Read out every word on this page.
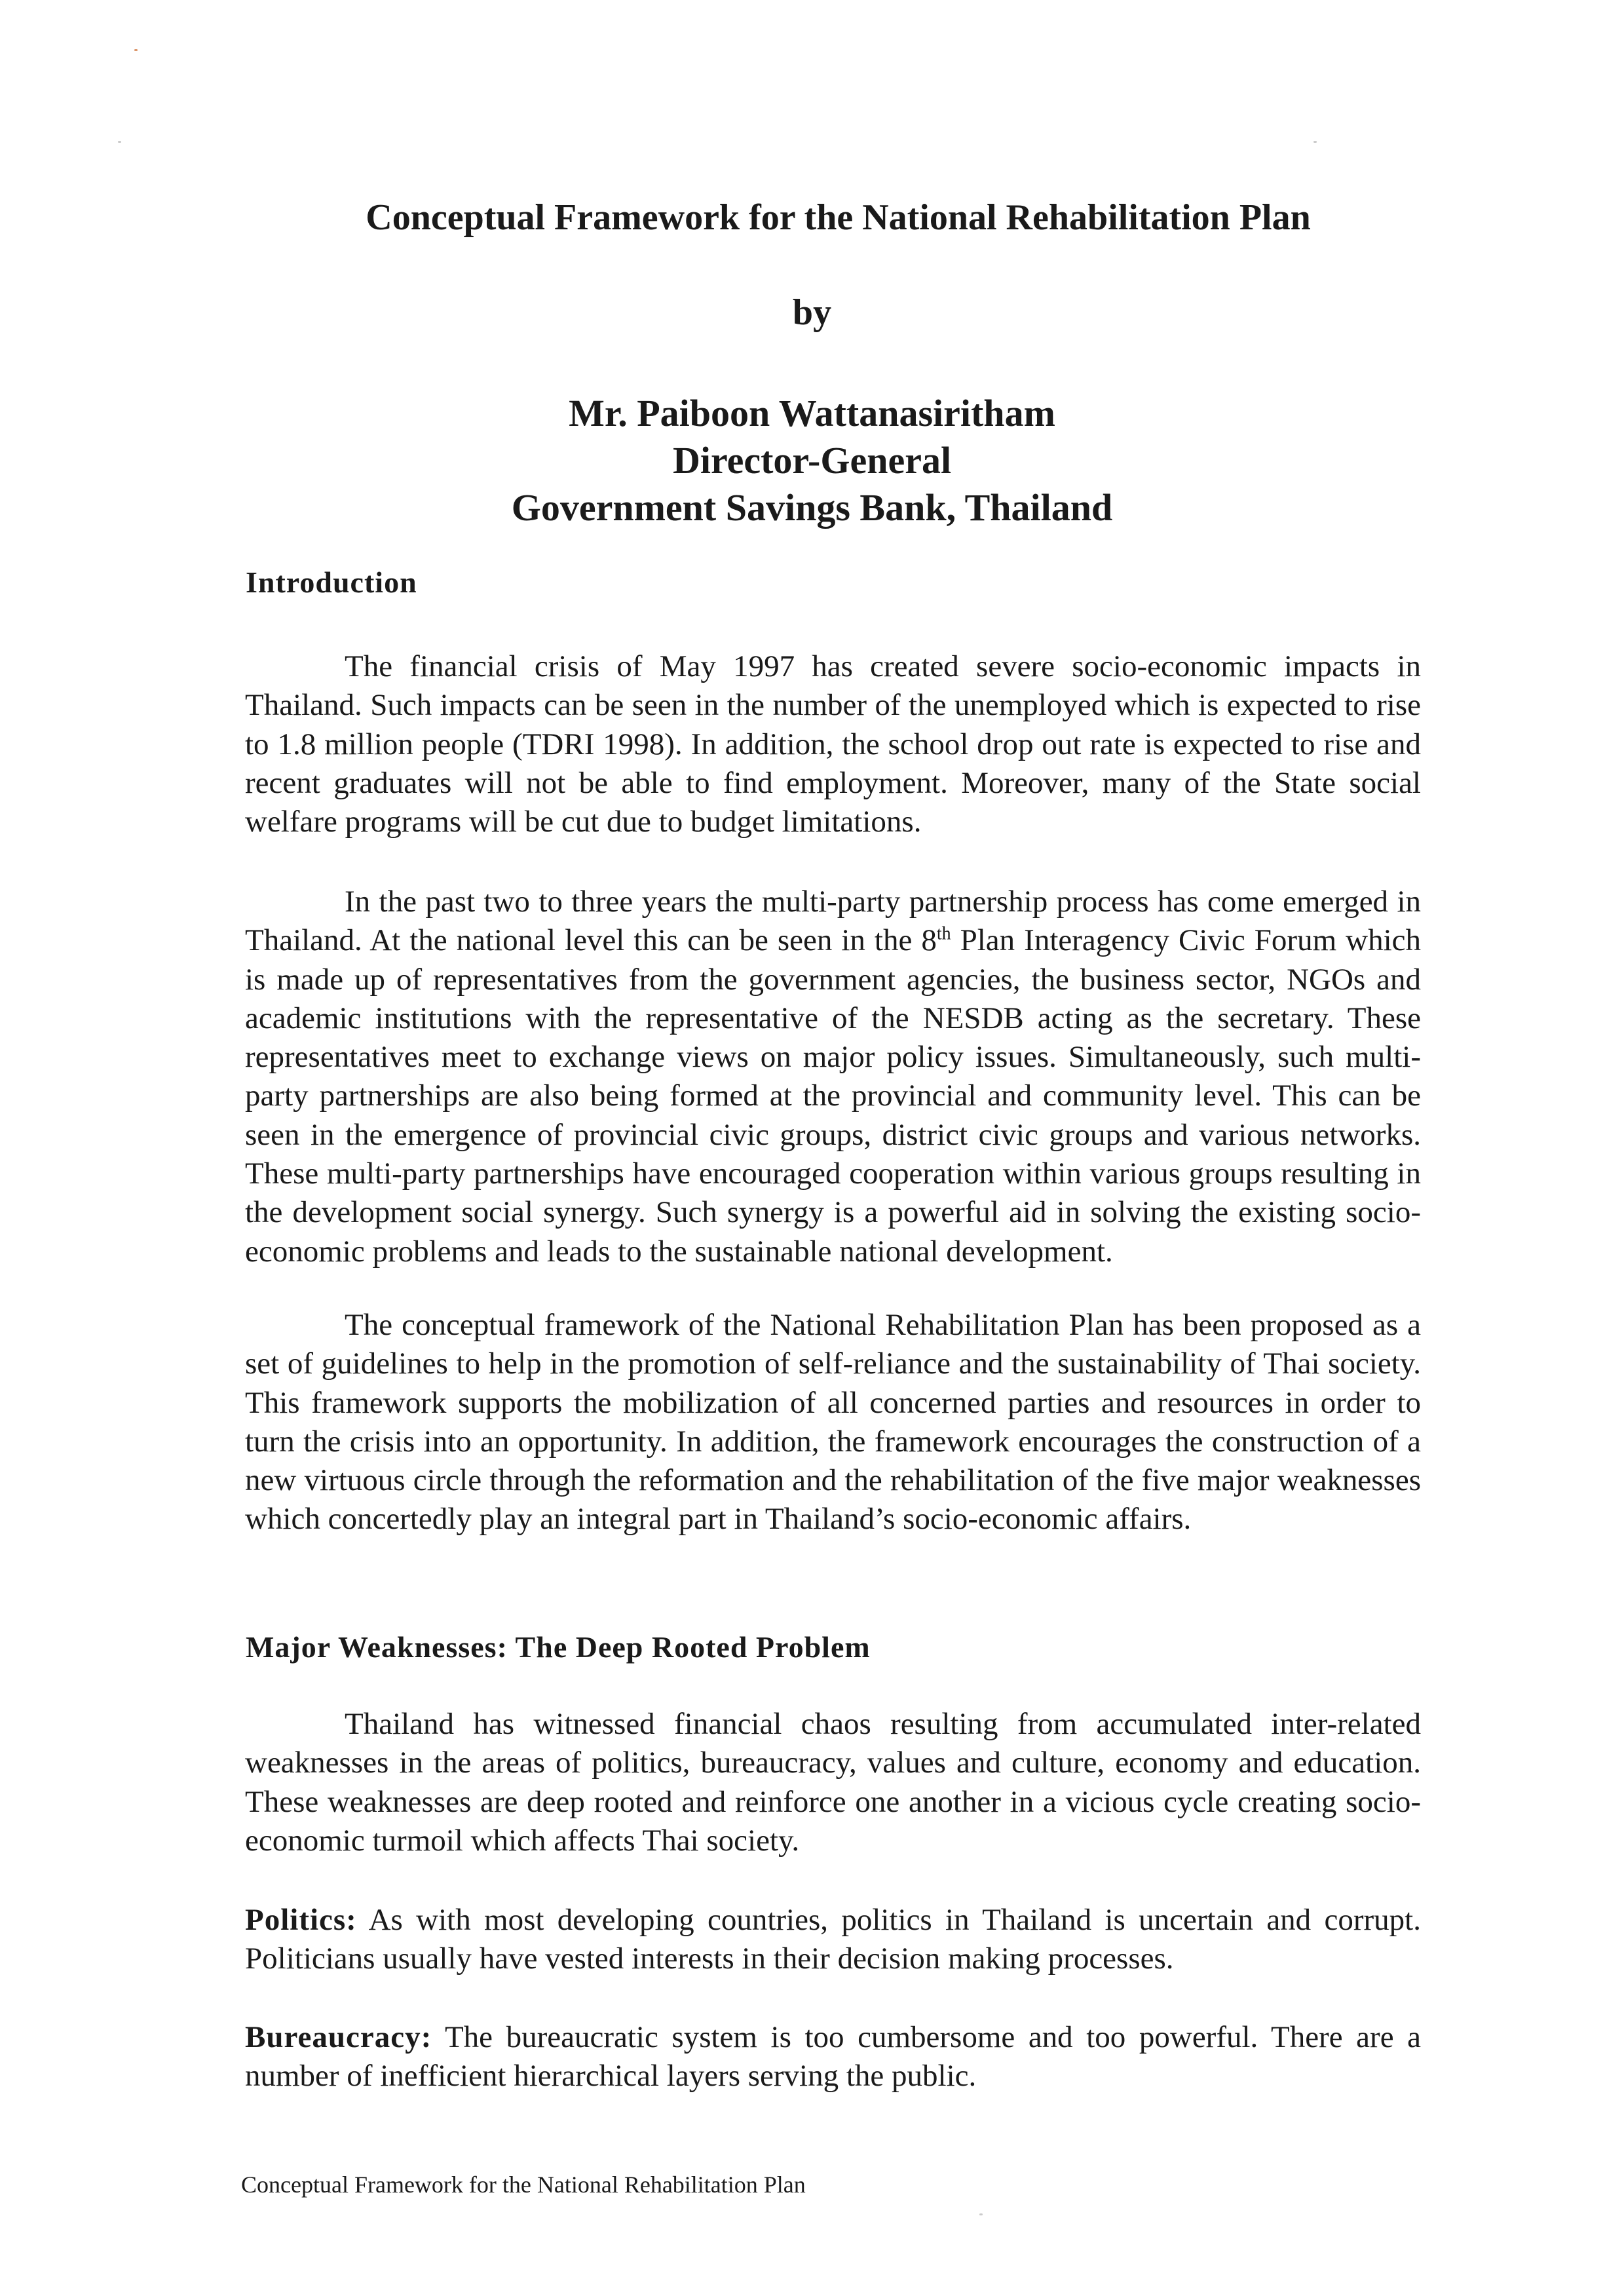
Conceptual Framework for the National Rehabilitation Plan
by
Mr. Paiboon Wattanasiritham
Director-General
Government Savings Bank, Thailand
Introduction

The financial crisis of May 1997 has created severe socio-economic impacts in Thailand. Such impacts can be seen in the number of the unemployed which is expected to rise to 1.8 million people (TDRI 1998). In addition, the school drop out rate is expected to rise and recent graduates will not be able to find employment. Moreover, many of the State social welfare programs will be cut due to budget limitations.

In the past two to three years the multi-party partnership process has come emerged in Thailand. At the national level this can be seen in the 8th Plan Interagency Civic Forum which is made up of representatives from the government agencies, the business sector, NGOs and academic institutions with the representative of the NESDB acting as the secretary. These representatives meet to exchange views on major policy issues. Simultaneously, such multi-party partnerships are also being formed at the provincial and community level. This can be seen in the emergence of provincial civic groups, district civic groups and various networks. These multi-party partnerships have encouraged cooperation within various groups resulting in the development social synergy. Such synergy is a powerful aid in solving the existing socio-economic problems and leads to the sustainable national development.

The conceptual framework of the National Rehabilitation Plan has been proposed as a set of guidelines to help in the promotion of self-reliance and the sustainability of Thai society. This framework supports the mobilization of all concerned parties and resources in order to turn the crisis into an opportunity. In addition, the framework encourages the construction of a new virtuous circle through the reformation and the rehabilitation of the five major weaknesses which concertedly play an integral part in Thailand’s socio-economic affairs.

Major Weaknesses: The Deep Rooted Problem

Thailand has witnessed financial chaos resulting from accumulated inter-related weaknesses in the areas of politics, bureaucracy, values and culture, economy and education. These weaknesses are deep rooted and reinforce one another in a vicious cycle creating socio-economic turmoil which affects Thai society.

Politics: As with most developing countries, politics in Thailand is uncertain and corrupt. Politicians usually have vested interests in their decision making processes.

Bureaucracy: The bureaucratic system is too cumbersome and too powerful. There are a number of inefficient hierarchical layers serving the public.

Conceptual Framework for the National Rehabilitation Plan
